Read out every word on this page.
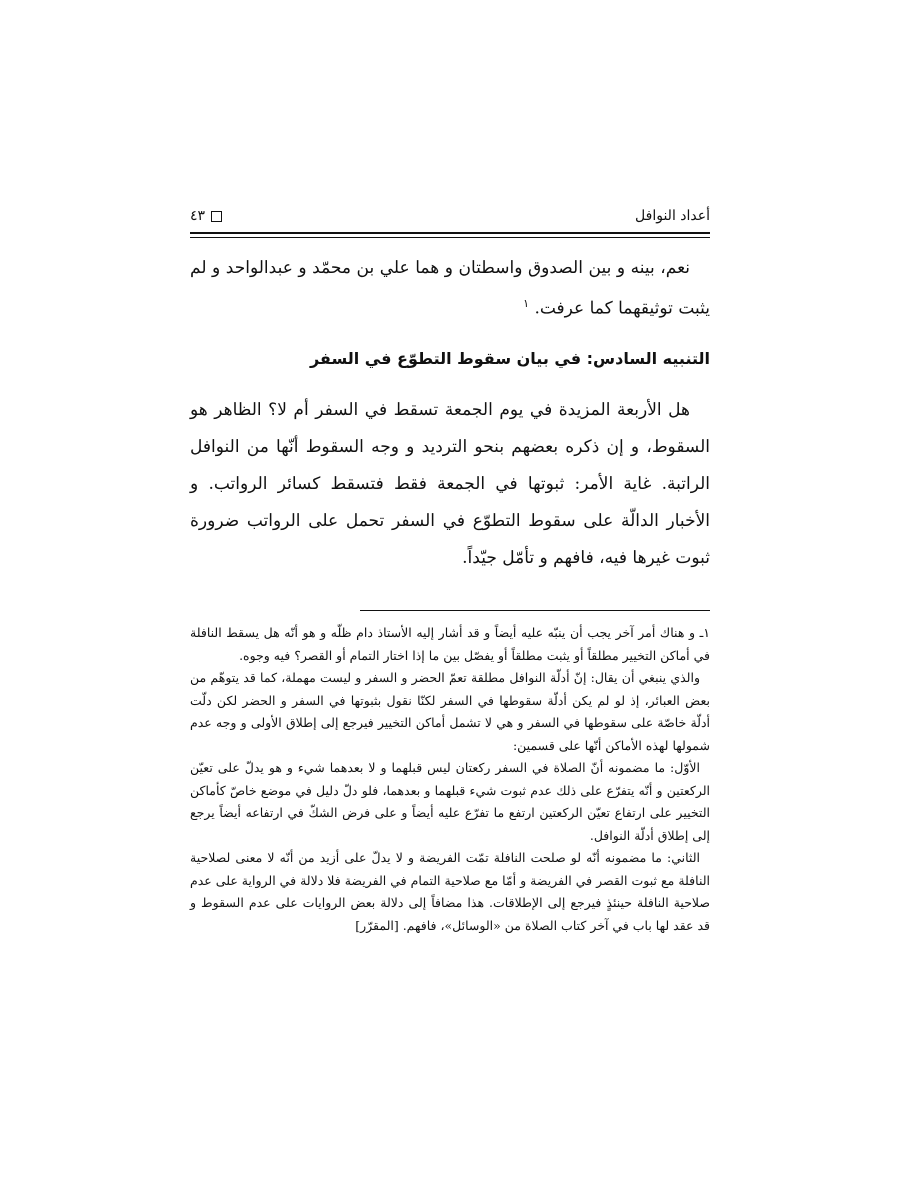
أعداد النوافل
٤٣

نعم، بينه و بين الصدوق واسطتان و هما علي بن محمّد و عبدالواحد و لم يثبت توثيقهما كما عرفت. $^١$

التنبيه السادس: في بيان سقوط التطوّع في السفر

هل الأربعة المزيدة في يوم الجمعة تسقط في السفر أم لا؟ الظاهر هو السقوط، و إن ذكره بعضهم بنحو الترديد و وجه السقوط أنّها من النوافل الراتبة. غاية الأمر: ثبوتها في الجمعة فقط فتسقط كسائر الرواتب. و الأخبار الدالّة على سقوط التطوّع في السفر تحمل على الرواتب ضرورة ثبوت غيرها فيه، فافهم و تأمّل جيّداً.

١ـ و هناك أمر آخر يجب أن ينبّه عليه أيضاً و قد أشار إليه الأستاذ دام ظلّه و هو أنّه هل يسقط النافلة في أماكن التخيير مطلقاً أو يثبت مطلقاً أو يفصّل بين ما إذا اختار التمام أو القصر؟ فيه وجوه.

والذي ينبغي أن يقال: إنّ أدلّة النوافل مطلقة تعمّ الحضر و السفر و ليست مهملة، كما قد يتوهّم من بعض العبائر، إذ لو لم يكن أدلّة سقوطها في السفر لكنّا نقول بثبوتها في السفر و الحضر لكن دلّت أدلّة خاصّة على سقوطها في السفر و هي لا تشمل أماكن التخيير فيرجع إلى إطلاق الأولى و وجه عدم شمولها لهذه الأماكن أنّها على قسمين:

الأوّل: ما مضمونه أنّ الصلاة في السفر ركعتان ليس قبلهما و لا بعدهما شيء و هو يدلّ على تعيّن الركعتين و أنّه يتفرّع على ذلك عدم ثبوت شيء قبلهما و بعدهما، فلو دلّ دليل في موضع خاصّ كأماكن التخيير على ارتفاع تعيّن الركعتين ارتفع ما تفرّع عليه أيضاً و على فرض الشكّ في ارتفاعه أيضاً يرجع إلى إطلاق أدلّة النوافل.

الثاني: ما مضمونه أنّه لو صلحت النافلة تمّت الفريضة و لا يدلّ على أزيد من أنّه لا معنى لصلاحية النافلة مع ثبوت القصر في الفريضة و أمّا مع صلاحية التمام في الفريضة فلا دلالة في الرواية على عدم صلاحية النافلة حينئذٍ فيرجع إلى الإطلاقات. هذا مضافاً إلى دلالة بعض الروايات على عدم السقوط و قد عقد لها باب في آخر كتاب الصلاة من «الوسائل»، فافهم. [المقرّر]
